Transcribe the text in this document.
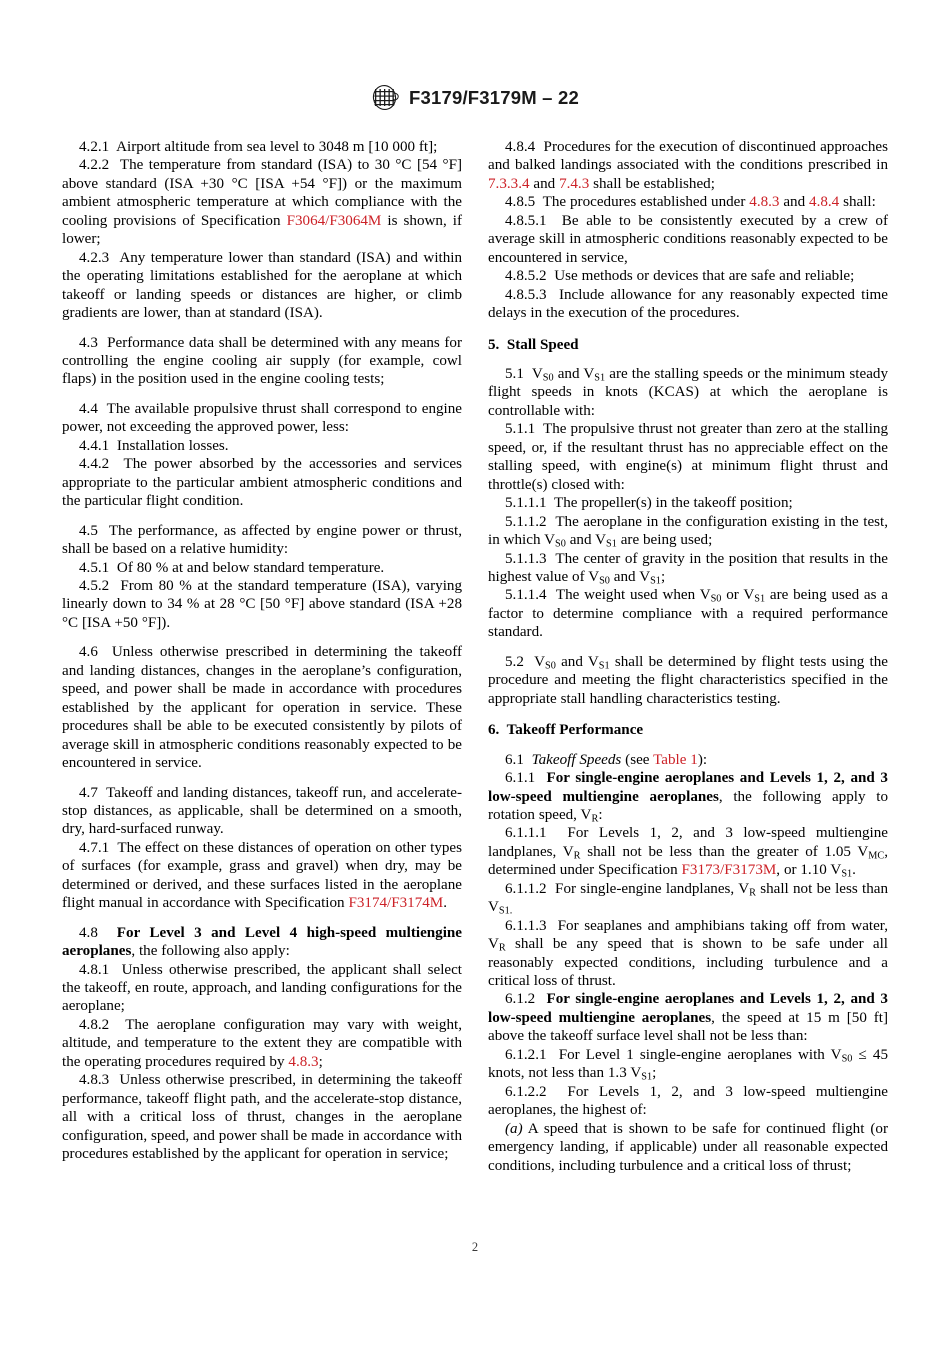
F3179/F3179M – 22

4.2.1  Airport altitude from sea level to 3048 m [10 000 ft];

4.2.2  The temperature from standard (ISA) to 30 °C [54 °F] above standard (ISA +30 °C [ISA +54 °F]) or the maximum ambient atmospheric temperature at which compliance with the cooling provisions of Specification F3064/F3064M is shown, if lower;

4.2.3  Any temperature lower than standard (ISA) and within the operating limitations established for the aeroplane at which takeoff or landing speeds or distances are higher, or climb gradients are lower, than at standard (ISA).

4.3  Performance data shall be determined with any means for controlling the engine cooling air supply (for example, cowl flaps) in the position used in the engine cooling tests;

4.4  The available propulsive thrust shall correspond to engine power, not exceeding the approved power, less:

4.4.1  Installation losses.

4.4.2  The power absorbed by the accessories and services appropriate to the particular ambient atmospheric conditions and the particular flight condition.

4.5  The performance, as affected by engine power or thrust, shall be based on a relative humidity:

4.5.1  Of 80 % at and below standard temperature.

4.5.2  From 80 % at the standard temperature (ISA), varying linearly down to 34 % at 28 °C [50 °F] above standard (ISA +28 °C [ISA +50 °F]).

4.6  Unless otherwise prescribed in determining the takeoff and landing distances, changes in the aeroplane’s configuration, speed, and power shall be made in accordance with procedures established by the applicant for operation in service. These procedures shall be able to be executed consistently by pilots of average skill in atmospheric conditions reasonably expected to be encountered in service.

4.7  Takeoff and landing distances, takeoff run, and accelerate-stop distances, as applicable, shall be determined on a smooth, dry, hard-surfaced runway.

4.7.1  The effect on these distances of operation on other types of surfaces (for example, grass and gravel) when dry, may be determined or derived, and these surfaces listed in the aeroplane flight manual in accordance with Specification F3174/F3174M.

4.8  For Level 3 and Level 4 high-speed multiengine aeroplanes, the following also apply:

4.8.1  Unless otherwise prescribed, the applicant shall select the takeoff, en route, approach, and landing configurations for the aeroplane;

4.8.2  The aeroplane configuration may vary with weight, altitude, and temperature to the extent they are compatible with the operating procedures required by 4.8.3;

4.8.3  Unless otherwise prescribed, in determining the takeoff performance, takeoff flight path, and the accelerate-stop distance, all with a critical loss of thrust, changes in the aeroplane configuration, speed, and power shall be made in accordance with procedures established by the applicant for operation in service;

4.8.4  Procedures for the execution of discontinued approaches and balked landings associated with the conditions prescribed in 7.3.3.4 and 7.4.3 shall be established;

4.8.5  The procedures established under 4.8.3 and 4.8.4 shall:

4.8.5.1  Be able to be consistently executed by a crew of average skill in atmospheric conditions reasonably expected to be encountered in service,

4.8.5.2  Use methods or devices that are safe and reliable;

4.8.5.3  Include allowance for any reasonably expected time delays in the execution of the procedures.

5.  Stall Speed

5.1  $V_{S0}$ and $V_{S1}$ are the stalling speeds or the minimum steady flight speeds in knots (KCAS) at which the aeroplane is controllable with:

5.1.1  The propulsive thrust not greater than zero at the stalling speed, or, if the resultant thrust has no appreciable effect on the stalling speed, with engine(s) at minimum flight thrust and throttle(s) closed with:

5.1.1.1  The propeller(s) in the takeoff position;

5.1.1.2  The aeroplane in the configuration existing in the test, in which $V_{S0}$ and $V_{S1}$ are being used;

5.1.1.3  The center of gravity in the position that results in the highest value of $V_{S0}$ and $V_{S1}$;

5.1.1.4  The weight used when $V_{S0}$ or $V_{S1}$ are being used as a factor to determine compliance with a required performance standard.

5.2  $V_{S0}$ and $V_{S1}$ shall be determined by flight tests using the procedure and meeting the flight characteristics specified in the appropriate stall handling characteristics testing.

6.  Takeoff Performance

6.1  Takeoff Speeds (see Table 1):

6.1.1  For single-engine aeroplanes and Levels 1, 2, and 3 low-speed multiengine aeroplanes, the following apply to rotation speed, $V_R$:

6.1.1.1  For Levels 1, 2, and 3 low-speed multiengine landplanes, $V_R$ shall not be less than the greater of 1.05 $V_{MC}$, determined under Specification F3173/F3173M, or 1.10 $V_{S1}$.

6.1.1.2  For single-engine landplanes, $V_R$ shall not be less than $V_{S1.}$

6.1.1.3  For seaplanes and amphibians taking off from water, $V_R$ shall be any speed that is shown to be safe under all reasonably expected conditions, including turbulence and a critical loss of thrust.

6.1.2  For single-engine aeroplanes and Levels 1, 2, and 3 low-speed multiengine aeroplanes, the speed at 15 m [50 ft] above the takeoff surface level shall not be less than:

6.1.2.1  For Level 1 single-engine aeroplanes with $V_{S0} \le 45$ knots, not less than 1.3 $V_{S1}$;

6.1.2.2  For Levels 1, 2, and 3 low-speed multiengine aeroplanes, the highest of:

(a) A speed that is shown to be safe for continued flight (or emergency landing, if applicable) under all reasonable expected conditions, including turbulence and a critical loss of thrust;

2
